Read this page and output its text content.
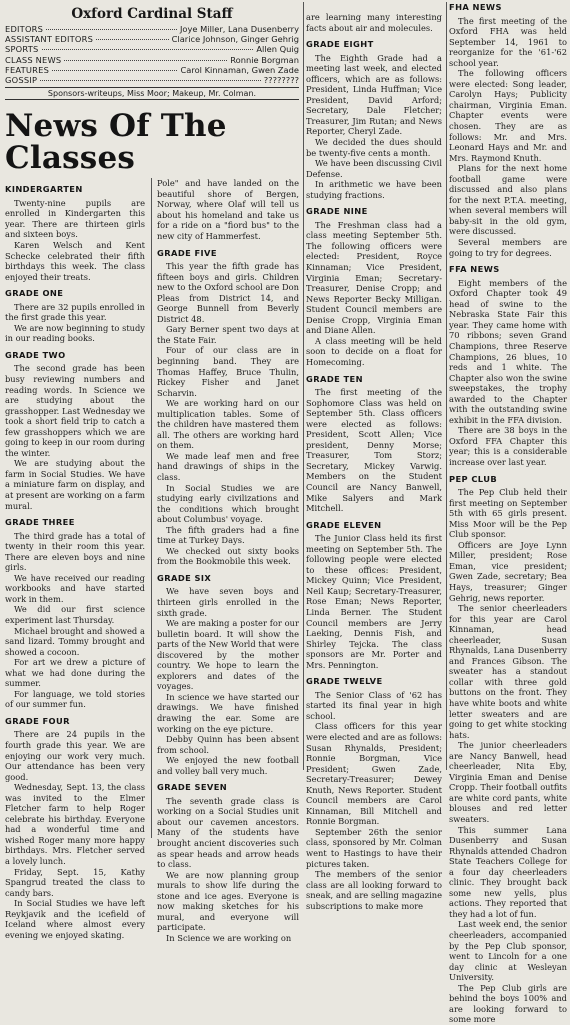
Oxford Cardinal Staff
EDITORS	Joye Miller, Lana Dusenberry
ASSISTANT EDITORS	Clarice Johnson, Ginger Gehrig
SPORTS	Allen Quig
CLASS NEWS	Ronnie Borgman
FEATURES	Carol Kinnaman, Gwen Zade
GOSSIP	????????
Sponsors-writeups, Miss Moor; Makeup, Mr. Colman.
News Of The Classes
KINDERGARTEN

Twenty-nine pupils are enrolled in Kindergarten this year. There are thirteen girls and sixteen boys.

Karen Welsch and Kent Schecke celebrated their fifth birthdays this week. The class enjoyed their treats.

GRADE ONE

There are 32 pupils enrolled in the first grade this year.

We are now beginning to study in our reading books.

GRADE TWO

The second grade has been busy reviewing numbers and reading words. In Science we are studying about the grasshopper. Last Wednesday we took a short field trip to catch a few grasshoppers which we are going to keep in our room during the winter.

We are studying about the farm in Social Studies. We have a miniature farm on display, and at present are working on a farm mural.

GRADE THREE

The third grade has a total of twenty in their room this year. There are eleven boys and nine girls.

We have received our reading workbooks and have started work in them.

We did our first science experiment last Thursday.

Michael brought and showed a sand lizard. Tommy brought and showed a cocoon.

For art we drew a picture of what we had done during the summer.

For language, we told stories of our summer fun.

GRADE FOUR

There are 24 pupils in the fourth grade this year. We are enjoying our work very much. Our attendance has been very good.

Wednesday, Sept. 13, the class was invited to the Elmer Fletcher farm to help Roger celebrate his birthday. Everyone had a wonderful time and wished Roger many more happy birthdays. Mrs. Fletcher served a lovely lunch.

Friday, Sept. 15, Kathy Spangrud treated the class to candy bars.

In Social Studies we have left Reykjavik and the icefield of Iceland where almost every evening we enjoyed skating.

Pole" and have landed on the beautiful shore of Bergen, Norway, where Olaf will tell us about his homeland and take us for a ride on a "fiord bus" to the new city of Hammerfest.

GRADE FIVE

This year the fifth grade has fifteen boys and girls. Children new to the Oxford school are Don Pleas from District 14, and George Bunnell from Beverly District 48.

Gary Berner spent two days at the State Fair.

Four of our class are in beginning band. They are Thomas Haffey, Bruce Thulin, Rickey Fisher and Janet Scharvin.

We are working hard on our multiplication tables. Some of the children have mastered them all. The others are working hard on them.

We made leaf men and free hand drawings of ships in the class.

In Social Studies we are studying early civilizations and the conditions which brought about Columbus' voyage.

The fifth graders had a fine time at Turkey Days.

We checked out sixty books from the Bookmobile this week.

GRADE SIX

We have seven boys and thirteen girls enrolled in the sixth grade.

We are making a poster for our bulletin board. It will show the parts of the New World that were discovered by the mother country. We hope to learn the explorers and dates of the voyages.

In science we have started our drawings. We have finished drawing the ear. Some are working on the eye picture.

Debby Quinn has been absent from school.

We enjoyed the new football and volley ball very much.

GRADE SEVEN

The seventh grade class is working on a Social Studies unit about our cavemen ancestors. Many of the students have brought ancient discoveries such as spear heads and arrow heads to class.

We are now planning group murals to show life during the stone and ice ages. Everyone is now making sketches for his mural, and everyone will participate.

In Science we are working on

are learning many interesting facts about air and molecules.

GRADE EIGHT

The Eighth Grade had a meeting last week, and elected officers, which are as follows: President, Linda Huffman; Vice President, David Arford; Secretary, Dale Fletcher; Treasurer, Jim Rutan; and News Reporter, Cheryl Zade.

We decided the dues should be twenty-five cents a month.

We have been discussing Civil Defense.

In arithmetic we have been studying fractions.

GRADE NINE

The Freshman class had a class meeting September 5th. The following officers were elected: President, Royce Kinnaman; Vice President, Virginia Eman; Secretary-Treasurer, Denise Cropp; and News Reporter Becky Milligan. Student Council members are Denise Cropp, Virginia Eman and Diane Allen.

A class meeting will be held soon to decide on a float for Homecoming.

GRADE TEN

The first meeting of the Sophomore Class was held on September 5th. Class officers were elected as follows: President, Scott Allen; Vice president, Denny Morse; Treasurer, Tom Storz; Secretary, Mickey Varwig. Members on the Student Council are Nancy Banwell, Mike Salyers and Mark Mitchell.

GRADE ELEVEN

The Junior Class held its first meeting on September 5th. The following people were elected to these offices: President, Mickey Quinn; Vice President, Neil Kaup; Secretary-Treasurer, Rose Eman; News Reporter, Linda Berner. The Student Council members are Jerry Laeking, Dennis Fish, and Shirley Tejcka. The class sponsors are Mr. Porter and Mrs. Pennington.

GRADE TWELVE

The Senior Class of '62 has started its final year in high school.

Class officers for this year were elected and are as follows: Susan Rhynalds, President; Ronnie Borgman, Vice President; Gwen Zade, Secretary-Treasurer; Dewey Knuth, News Reporter. Student Council members are Carol Kinnaman, Bill Mitchell and Ronnie Borgman.

September 26th the senior class, sponsored by Mr. Colman went to Hastings to have their pictures taken.

The members of the senior class are all looking forward to sneak, and are selling magazine subscriptions to make more

FHA NEWS

The first meeting of the Oxford FHA was held September 14, 1961 to reorganize for the '61-'62 school year.

The following officers were elected: Song leader, Carolyn Hays; Publicity chairman, Virginia Eman. Chapter events were chosen. They are as follows: Mr. and Mrs. Leonard Hays and Mr. and Mrs. Raymond Knuth.

Plans for the next home football game were discussed and also plans for the next P.T.A. meeting, when several members will baby-sit in the old gym, were discussed.

Several members are going to try for degrees.

FFA NEWS

Eight members of the Oxford Chapter took 49 head of swine to the Nebraska State Fair this year. They came home with 70 ribbons; seven Grand Champions, three Reserve Champions, 26 blues, 10 reds and 1 white. The Chapter also won the swine sweepstakes, the trophy awarded to the Chapter with the outstanding swine exhibit in the FFA division.

There are 38 boys in the Oxford FFA Chapter this year; this is a considerable increase over last year.

PEP CLUB

The Pep Club held their first meeting on September 5th with 65 girls present. Miss Moor will be the Pep Club sponsor.

Officers are Joye Lynn Miller, president; Rose Eman, vice president; Gwen Zade, secretary; Bea Hays, treasurer; Ginger Gehrig, news reporter.

The senior cheerleaders for this year are Carol Kinnaman, head cheerleader, Susan Rhynalds, Lana Dusenberry and Frances Gibson. The sweater has a standout collar with three gold buttons on the front. They have white boots and white letter sweaters and are going to get white stocking hats.

The junior cheerleaders are Nancy Banwell, head cheerleader, Nita Eby, Virginia Eman and Denise Cropp. Their football outfits are white cord pants, white blouses and red letter sweaters.

This summer Lana Dusenberry and Susan Rhynalds attended Chadron State Teachers College for a four day cheerleaders clinic. They brought back some new yells, plus actions. They reported that they had a lot of fun.

Last week end, the senior cheerleaders, accompanied by the Pep Club sponsor, went to Lincoln for a one day clinic at Wesleyan University.

The Pep Club girls are behind the boys 100% and are looking forward to some more
